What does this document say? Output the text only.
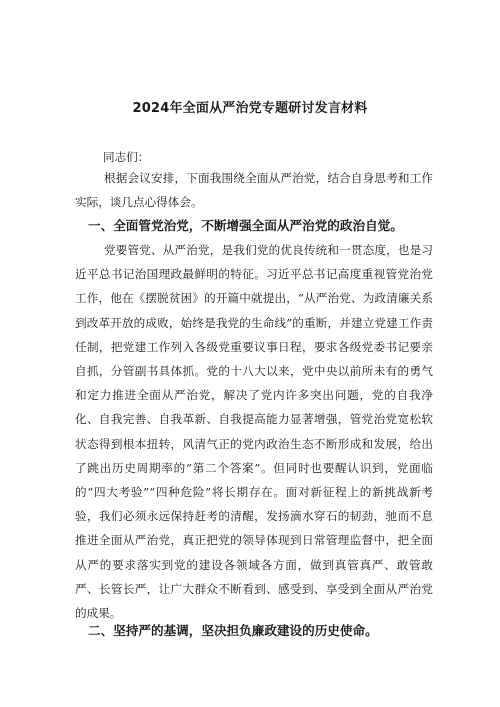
2024年全面从严治党专题研讨发言材料

同志们：

根据会议安排，下面我围绕全面从严治党，结合自身思考和工作实际，谈几点心得体会。

一、全面管党治党，不断增强全面从严治党的政治自觉。

党要管党、从严治党，是我们党的优良传统和一贯态度，也是习近平总书记治国理政最鲜明的特征。习近平总书记高度重视管党治党工作，他在《摆脱贫困》的开篇中就提出，“从严治党、为政清廉关系到改革开放的成败，始终是我党的生命线”的重断，并建立党建工作责任制，把党建工作列入各级党重要议事日程，要求各级党委书记要亲自抓，分管副书具体抓。党的十八大以来，党中央以前所未有的勇气和定力推进全面从严治党，解决了党内许多突出问题，党的自我净化、自我完善、自我革新、自我提高能力显著增强，管党治党宽松软状态得到根本扭转，风清气正的党内政治生态不断形成和发展，给出了跳出历史周期率的“第二个答案”。但同时也要醒认识到，党面临的“四大考验”“四种危险”将长期存在。面对新征程上的新挑战新考验，我们必须永远保持赶考的清醒，发扬滴水穿石的韧劲，驰而不息推进全面从严治党，真正把党的领导体现到日常管理监督中，把全面从严的要求落实到党的建设各领域各方面，做到真管真严、敢管敢严、长管长严，让广大群众不断看到、感受到、享受到全面从严治党的成果。

二、坚持严的基调，坚决担负廉政建设的历史使命。
